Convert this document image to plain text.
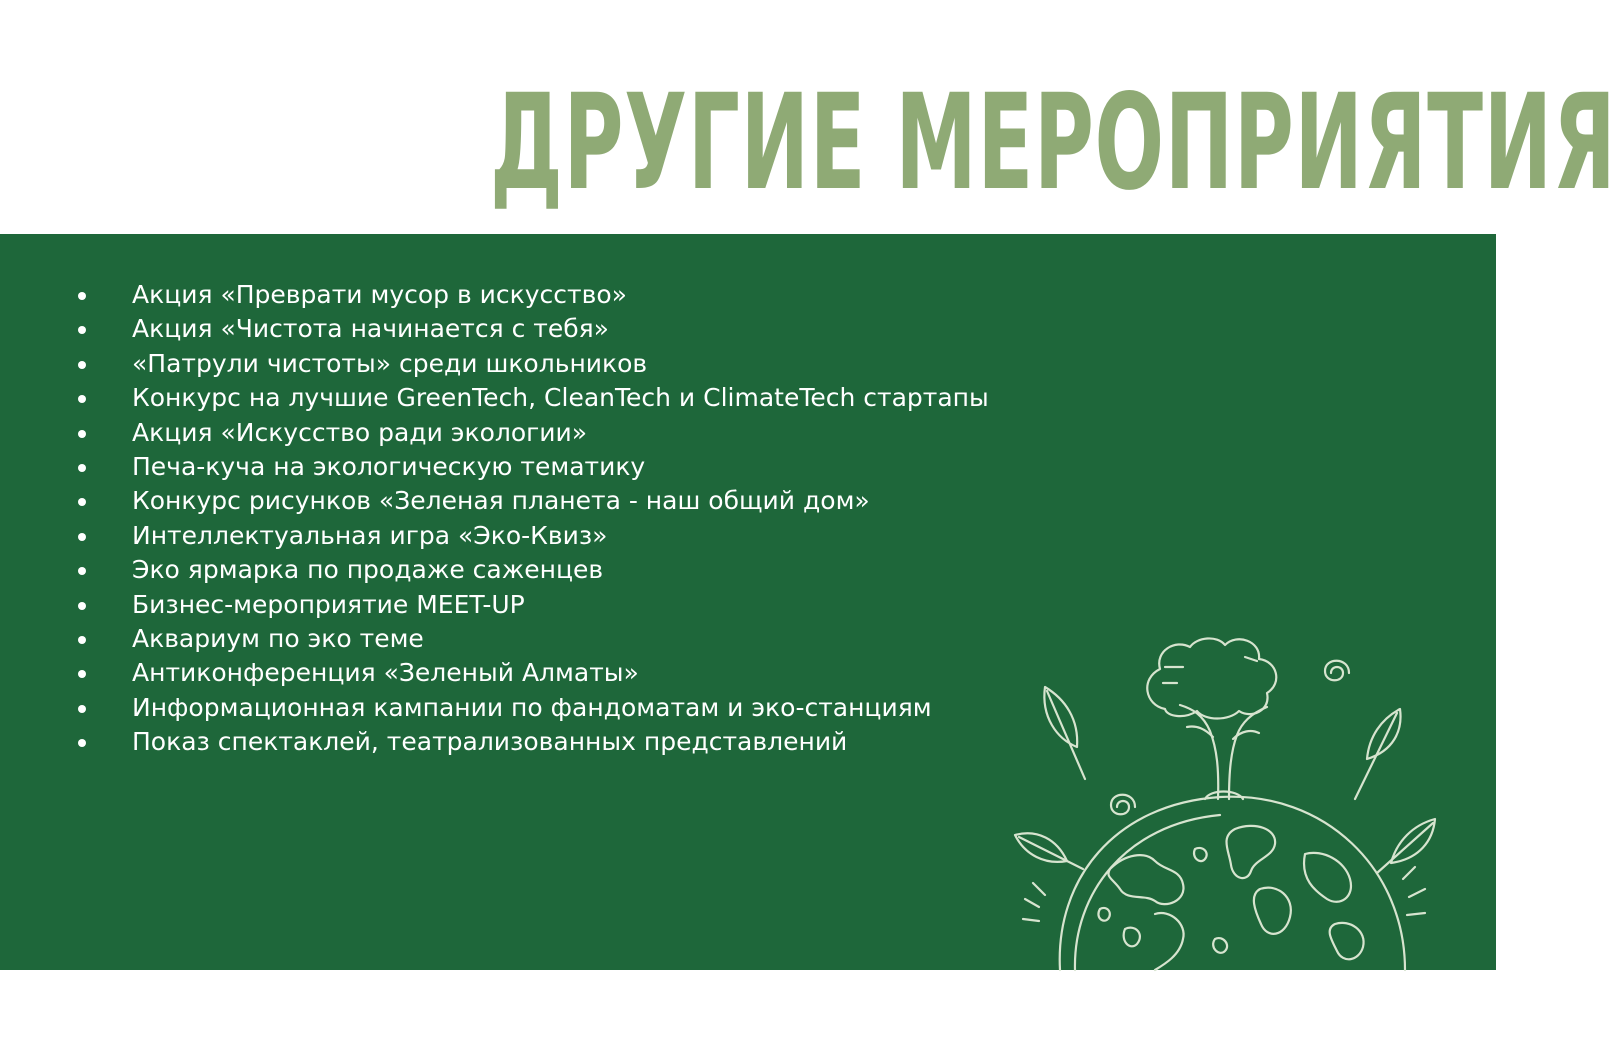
ДРУГИЕ МЕРОПРИЯТИЯ
Акция «Преврати мусор в искусство»
Акция «Чистота начинается с тебя»
«Патрули чистоты» среди школьников
Конкурс на лучшие GreenTech, CleanTech и ClimateTech стартапы
Акция «Искусство ради экологии»
Печа-куча на экологическую тематику
Конкурс рисунков «Зеленая планета - наш общий дом»
Интеллектуальная игра «Эко-Квиз»
Эко ярмарка по продаже саженцев
Бизнес-мероприятие MEET-UP
Аквариум по эко теме
Антиконференция «Зеленый Алматы»
Информационная кампании по фандоматам и эко-станциям
Показ спектаклей, театрализованных представлений
